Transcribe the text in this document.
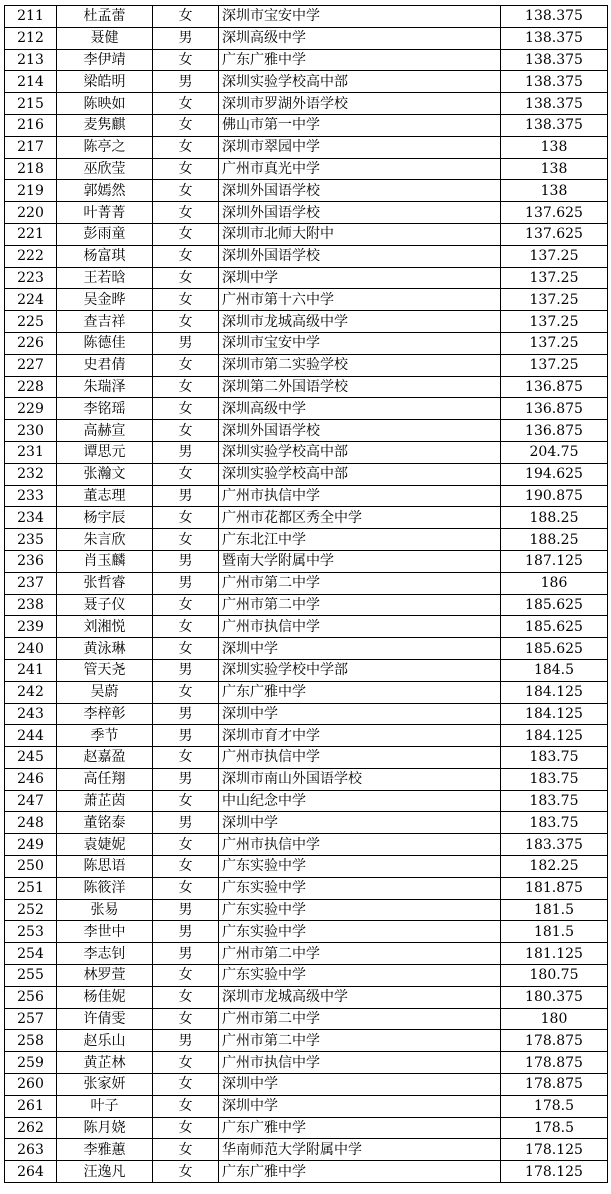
211	杜孟蕾	女	深圳市宝安中学	138.375
212	聂健	男	深圳高级中学	138.375
213	李伊靖	女	广东广雅中学	138.375
214	梁皓明	男	深圳实验学校高中部	138.375
215	陈映如	女	深圳市罗湖外语学校	138.375
216	麦隽麒	女	佛山市第一中学	138.375
217	陈亭之	女	深圳市翠园中学	138
218	巫欣莹	女	广州市真光中学	138
219	郭嫣然	女	深圳外国语学校	138
220	叶菁菁	女	深圳外国语学校	137.625
221	彭雨童	女	深圳市北师大附中	137.625
222	杨富琪	女	深圳外国语学校	137.25
223	王若晗	女	深圳中学	137.25
224	吴金晔	女	广州市第十六中学	137.25
225	查吉祥	女	深圳市龙城高级中学	137.25
226	陈德佳	男	深圳市宝安中学	137.25
227	史君倩	女	深圳市第二实验学校	137.25
228	朱瑞泽	女	深圳第二外国语学校	136.875
229	李铭瑶	女	深圳高级中学	136.875
230	高赫宣	女	深圳外国语学校	136.875
231	谭思元	男	深圳实验学校高中部	204.75
232	张瀚文	女	深圳实验学校高中部	194.625
233	董志理	男	广州市执信中学	190.875
234	杨宇辰	女	广州市花都区秀全中学	188.25
235	朱言欣	女	广东北江中学	188.25
236	肖玉麟	男	暨南大学附属中学	187.125
237	张哲睿	男	广州市第二中学	186
238	聂子仪	女	广州市第二中学	185.625
239	刘湘悦	女	广州市执信中学	185.625
240	黄泳琳	女	深圳中学	185.625
241	管天尧	男	深圳实验学校中学部	184.5
242	吴蔚	女	广东广雅中学	184.125
243	李梓彰	男	深圳中学	184.125
244	季节	男	深圳市育才中学	184.125
245	赵嘉盈	女	广州市执信中学	183.75
246	高任翔	男	深圳市南山外国语学校	183.75
247	萧芷茵	女	中山纪念中学	183.75
248	董铭泰	男	深圳中学	183.75
249	袁婕妮	女	广州市执信中学	183.375
250	陈思语	女	广东实验中学	182.25
251	陈筱洋	女	广东实验中学	181.875
252	张易	男	广东实验中学	181.5
253	李世中	男	广东实验中学	181.5
254	李志钊	男	广州市第二中学	181.125
255	林罗萱	女	广东实验中学	180.75
256	杨佳妮	女	深圳市龙城高级中学	180.375
257	许倩雯	女	广州市第二中学	180
258	赵乐山	男	广州市第二中学	178.875
259	黄芷林	女	广州市执信中学	178.875
260	张家妍	女	深圳中学	178.875
261	叶子	女	深圳中学	178.5
262	陈月娆	女	广东广雅中学	178.5
263	李雅蕙	女	华南师范大学附属中学	178.125
264	汪逸凡	女	广东广雅中学	178.125
